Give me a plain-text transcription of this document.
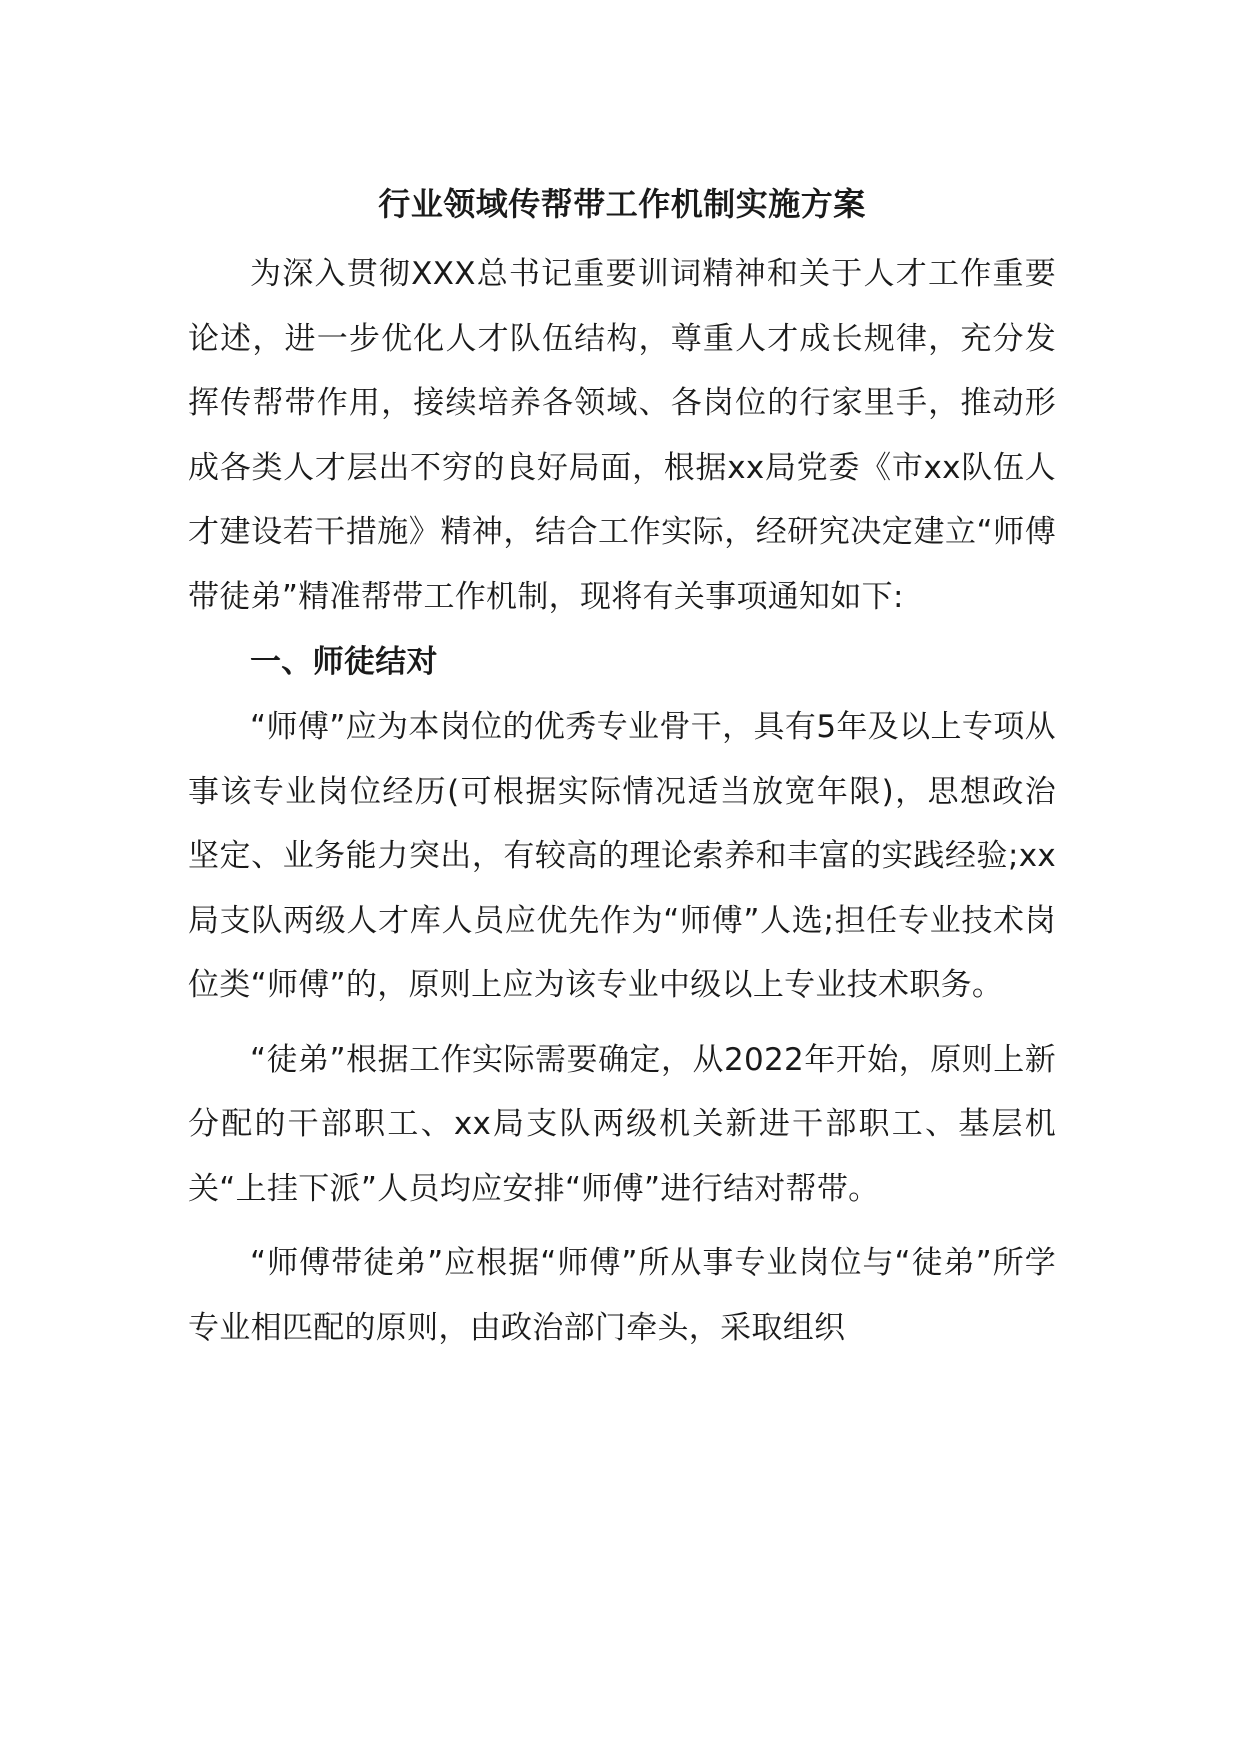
行业领域传帮带工作机制实施方案

为深入贯彻XXX总书记重要训词精神和关于人才工作重要论述，进一步优化人才队伍结构，尊重人才成长规律，充分发挥传帮带作用，接续培养各领域、各岗位的行家里手，推动形成各类人才层出不穷的良好局面，根据xx局党委《市xx队伍人才建设若干措施》精神，结合工作实际，经研究决定建立“师傅带徒弟”精准帮带工作机制，现将有关事项通知如下:

一、师徒结对

“师傅”应为本岗位的优秀专业骨干，具有5年及以上专项从事该专业岗位经历(可根据实际情况适当放宽年限)，思想政治坚定、业务能力突出，有较高的理论索养和丰富的实践经验;xx局支队两级人才库人员应优先作为“师傅”人选;担任专业技术岗位类“师傅”的，原则上应为该专业中级以上专业技术职务。

“徒弟”根据工作实际需要确定，从2022年开始，原则上新分配的干部职工、xx局支队两级机关新进干部职工、基层机关“上挂下派”人员均应安排“师傅”进行结对帮带。

“师傅带徒弟”应根据“师傅”所从事专业岗位与“徒弟”所学专业相匹配的原则，由政治部门牵头，采取组织
